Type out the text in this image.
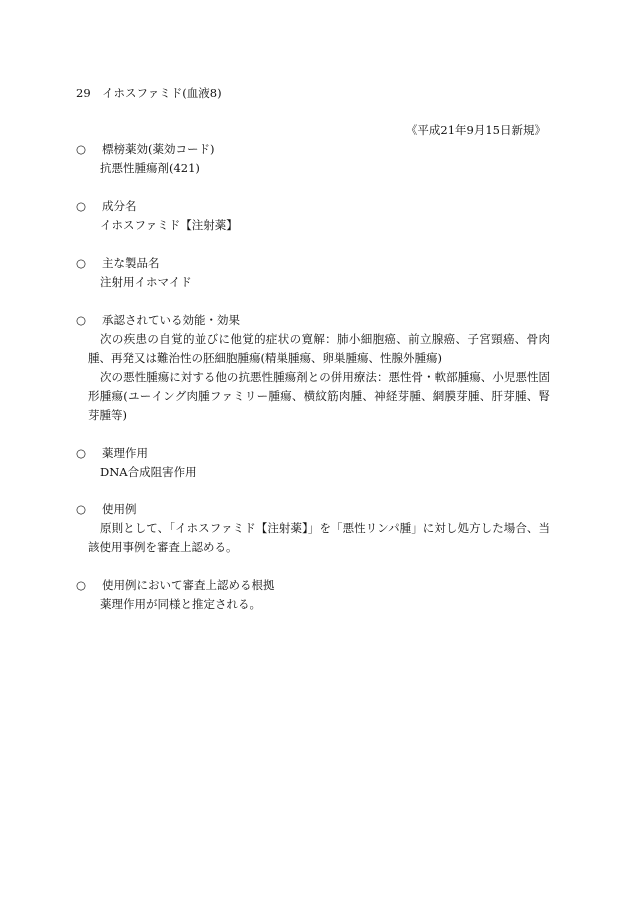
29 イホスファミド(血液8)
《平成21年9月15日新規》
○ 標榜薬効(薬効コード)
抗悪性腫瘍剤(421)
○ 成分名
イホスファミド【注射薬】
○ 主な製品名
注射用イホマイド
○ 承認されている効能・効果
次の疾患の自覚的並びに他覚的症状の寛解：肺小細胞癌、前立腺癌、子宮頸癌、骨肉腫、再発又は難治性の胚細胞腫瘍(精巣腫瘍、卵巣腫瘍、性腺外腫瘍)
次の悪性腫瘍に対する他の抗悪性腫瘍剤との併用療法：悪性骨・軟部腫瘍、小児悪性固形腫瘍(ユーイング肉腫ファミリー腫瘍、横紋筋肉腫、神経芽腫、網膜芽腫、肝芽腫、腎芽腫等)
○ 薬理作用
DNA合成阻害作用
○ 使用例
原則として、「イホスファミド【注射薬】」を「悪性リンパ腫」に対し処方した場合、当該使用事例を審査上認める。
○ 使用例において審査上認める根拠
薬理作用が同様と推定される。
